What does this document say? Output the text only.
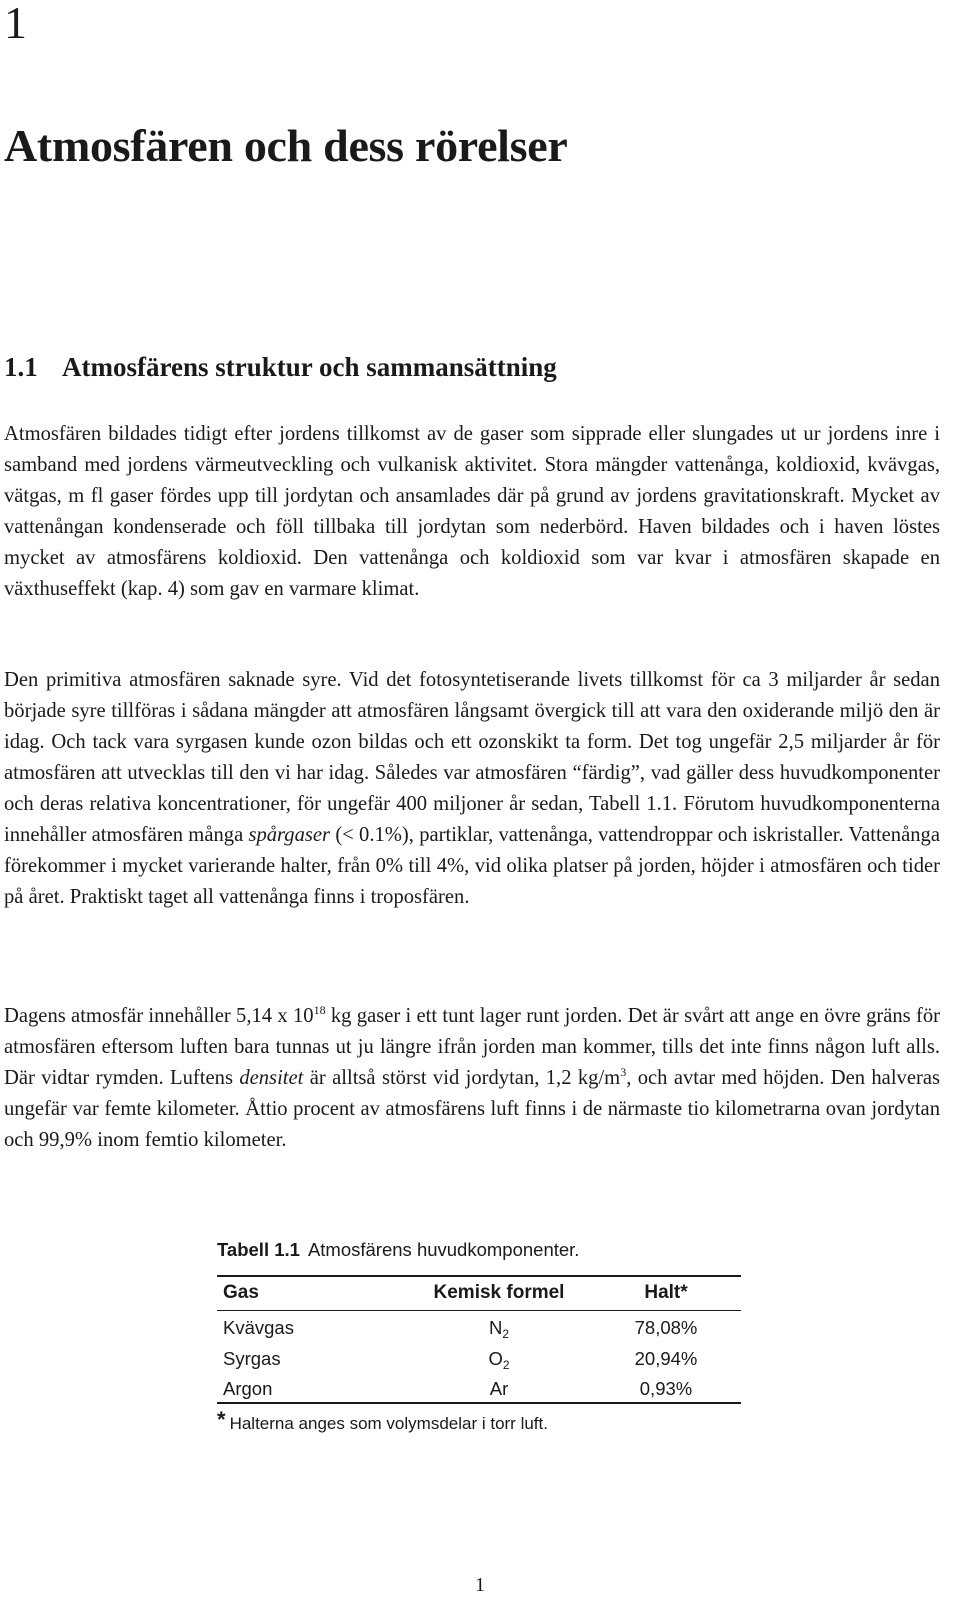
1
Atmosfären och dess rörelser
1.1 Atmosfärens struktur och sammansättning
Atmosfären bildades tidigt efter jordens tillkomst av de gaser som sipprade eller slungades ut ur jordens inre i samband med jordens värmeutveckling och vulkanisk aktivitet. Stora mängder vattenånga, koldioxid, kvävgas, vätgas, m fl gaser fördes upp till jordytan och ansamlades där på grund av jordens gravitationskraft. Mycket av vattenångan kondenserade och föll tillbaka till jordytan som nederbörd. Haven bildades och i haven löstes mycket av atmosfärens koldioxid. Den vattenånga och koldioxid som var kvar i atmosfären skapade en växthuseffekt (kap. 4) som gav en varmare klimat.
Den primitiva atmosfären saknade syre. Vid det fotosyntetiserande livets tillkomst för ca 3 miljarder år sedan började syre tillföras i sådana mängder att atmosfären långsamt övergick till att vara den oxiderande miljö den är idag. Och tack vara syrgasen kunde ozon bildas och ett ozonskikt ta form. Det tog ungefär 2,5 miljarder år för atmosfären att utvecklas till den vi har idag. Således var atmosfären “färdig”, vad gäller dess huvudkomponenter och deras relativa koncentrationer, för ungefär 400 miljoner år sedan, Tabell 1.1. Förutom huvudkomponenterna innehåller atmosfären många spårgaser (< 0.1%), partiklar, vattenånga, vattendroppar och iskristaller. Vattenånga förekommer i mycket varierande halter, från 0% till 4%, vid olika platser på jorden, höjder i atmosfären och tider på året. Praktiskt taget all vattenånga finns i troposfären.
Dagens atmosfär innehåller 5,14 x $10^{18}$ kg gaser i ett tunt lager runt jorden. Det är svårt att ange en övre gräns för atmosfären eftersom luften bara tunnas ut ju längre ifrån jorden man kommer, tills det inte finns någon luft alls. Där vidtar rymden. Luftens densitet är alltså störst vid jordytan, 1,2 $kg/m^3$, och avtar med höjden. Den halveras ungefär var femte kilometer. Åttio procent av atmosfärens luft finns i de närmaste tio kilometrarna ovan jordytan och 99,9% inom femtio kilometer.
Tabell 1.1 Atmosfärens huvudkomponenter.
Gas	Kemisk formel	Halt*
Kvävgas	$N_2$	78,08%
Syrgas	$O_2$	20,94%
Argon	Ar	0,93%
* Halterna anges som volymsdelar i torr luft.
1
